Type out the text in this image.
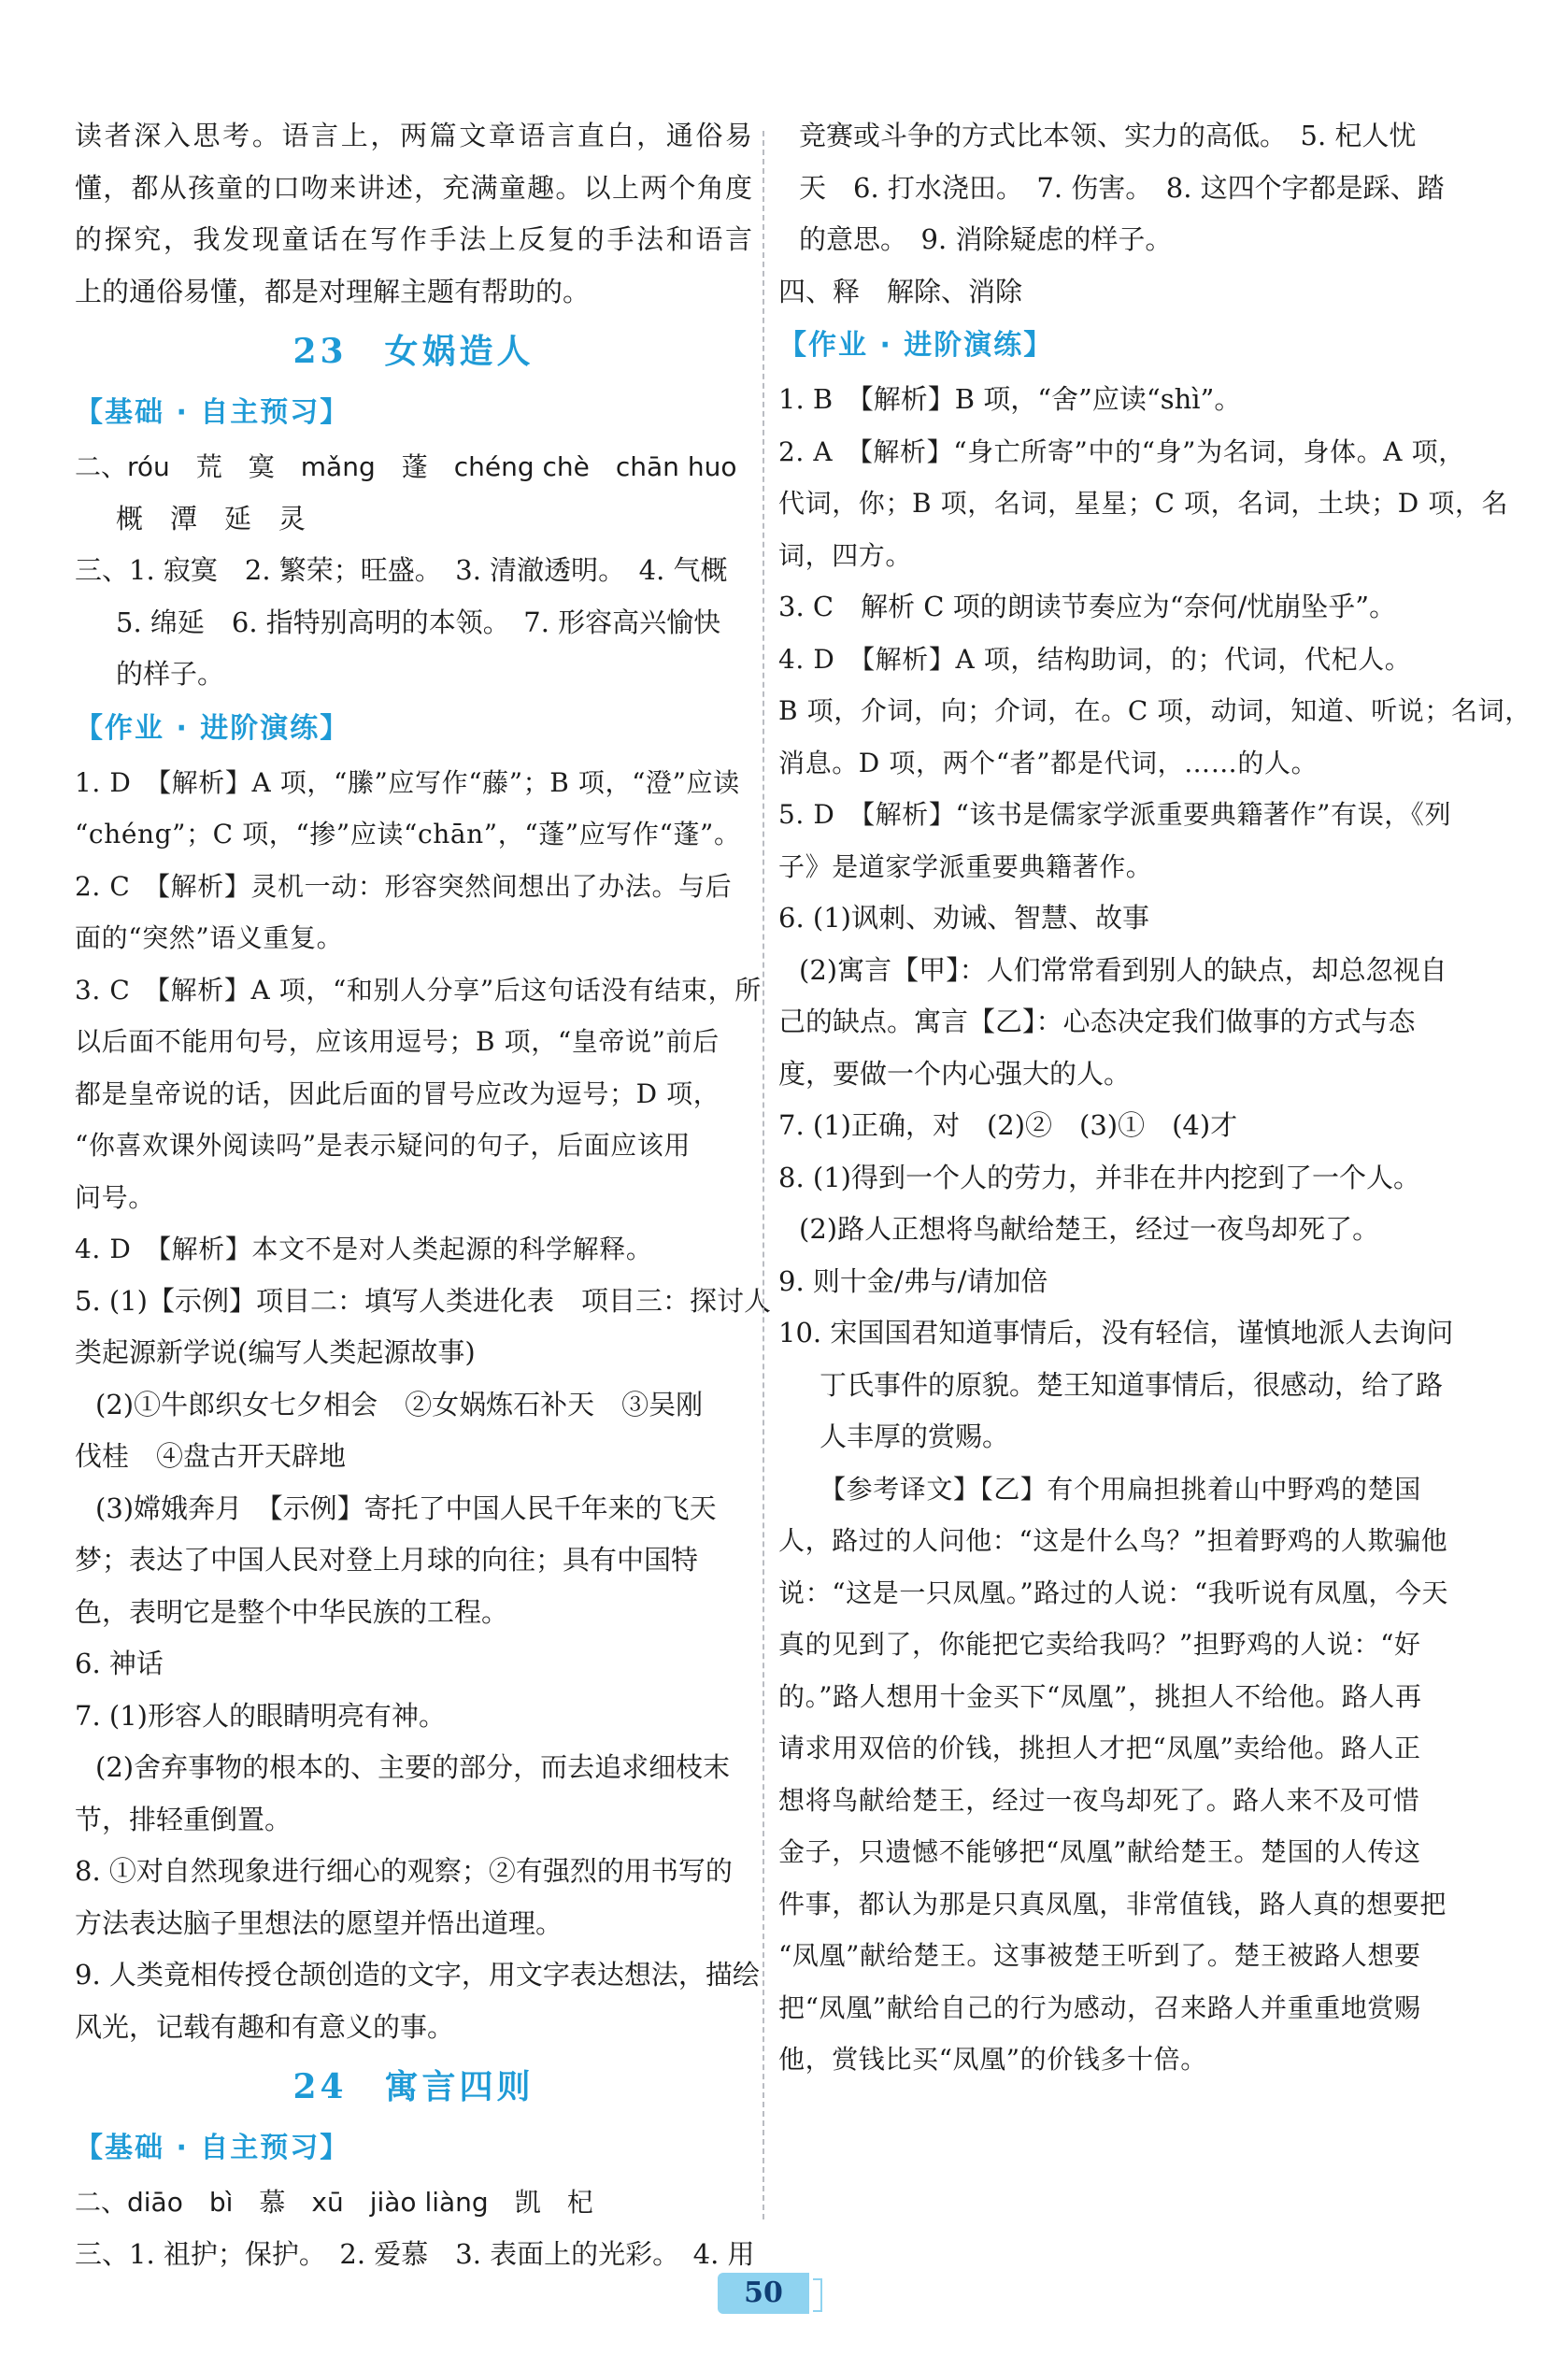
读者深入思考。语言上，两篇文章语言直白，通俗易

懂，都从孩童的口吻来讲述，充满童趣。以上两个角度

的探究，我发现童话在写作手法上反复的手法和语言

上的通俗易懂，都是对理解主题有帮助的。

23　女娲造人

【基础 · 自主预习】

二、róu　荒　寞　mǎng　蓬　chéng chè　chān huo

概　潭　延　灵

三、1. 寂寞　2. 繁荣；旺盛。　3. 清澈透明。　4. 气概

5. 绵延　6. 指特别高明的本领。　7. 形容高兴愉快

的样子。

【作业 · 进阶演练】

1. D　【解析】A 项，“縢”应写作“藤”；B 项，“澄”应读

“chéng”；C 项，“掺”应读“chān”，“蓬”应写作“蓬”。

2. C　【解析】灵机一动：形容突然间想出了办法。与后

面的“突然”语义重复。

3. C　【解析】A 项，“和别人分享”后这句话没有结束，所

以后面不能用句号，应该用逗号；B 项，“皇帝说”前后

都是皇帝说的话，因此后面的冒号应改为逗号；D 项，

“你喜欢课外阅读吗”是表示疑问的句子，后面应该用

问号。

4. D　【解析】本文不是对人类起源的科学解释。

5. (1)【示例】项目二：填写人类进化表　项目三：探讨人

类起源新学说(编写人类起源故事)

(2)①牛郎织女七夕相会　②女娲炼石补天　③吴刚

伐桂　④盘古开天辟地

(3)嫦娥奔月　【示例】寄托了中国人民千年来的飞天

梦；表达了中国人民对登上月球的向往；具有中国特

色，表明它是整个中华民族的工程。

6. 神话

7. (1)形容人的眼睛明亮有神。

(2)舍弃事物的根本的、主要的部分，而去追求细枝末

节，排轻重倒置。

8. ①对自然现象进行细心的观察；②有强烈的用书写的

方法表达脑子里想法的愿望并悟出道理。

9. 人类竟相传授仓颉创造的文字，用文字表达想法，描绘

风光，记载有趣和有意义的事。

24　寓言四则

【基础 · 自主预习】

二、diāo　bì　慕　xū　jiào liàng　凯　杞

三、1. 祖护；保护。　2. 爱慕　3. 表面上的光彩。　4. 用

竞赛或斗争的方式比本领、实力的高低。　5. 杞人忧

天　6. 打水浇田。　7. 伤害。　8. 这四个字都是踩、踏

的意思。　9. 消除疑虑的样子。

四、释　解除、消除

【作业 · 进阶演练】

1. B　【解析】B 项，“舍”应读“shì”。

2. A　【解析】“身亡所寄”中的“身”为名词，身体。A 项，

代词，你；B 项，名词，星星；C 项，名词，土块；D 项，名

词，四方。

3. C　解析 C 项的朗读节奏应为“奈何/忧崩坠乎”。

4. D　【解析】A 项，结构助词，的；代词，代杞人。

B 项，介词，向；介词，在。C 项，动词，知道、听说；名词，

消息。D 项，两个“者”都是代词，……的人。

5. D　【解析】“该书是儒家学派重要典籍著作”有误，《列

子》是道家学派重要典籍著作。

6. (1)讽刺、劝诫、智慧、故事

(2)寓言【甲】：人们常常看到别人的缺点，却总忽视自

己的缺点。寓言【乙】：心态决定我们做事的方式与态

度，要做一个内心强大的人。

7. (1)正确，对　(2)②　(3)①　(4)才

8. (1)得到一个人的劳力，并非在井内挖到了一个人。

(2)路人正想将鸟献给楚王，经过一夜鸟却死了。

9. 则十金/弗与/请加倍

10. 宋国国君知道事情后，没有轻信，谨慎地派人去询问

丁氏事件的原貌。楚王知道事情后，很感动，给了路

人丰厚的赏赐。

【参考译文】【乙】有个用扁担挑着山中野鸡的楚国

人，路过的人问他：“这是什么鸟？”担着野鸡的人欺骗他

说：“这是一只凤凰。”路过的人说：“我听说有凤凰，今天

真的见到了，你能把它卖给我吗？”担野鸡的人说：“好

的。”路人想用十金买下“凤凰”，挑担人不给他。路人再

请求用双倍的价钱，挑担人才把“凤凰”卖给他。路人正

想将鸟献给楚王，经过一夜鸟却死了。路人来不及可惜

金子，只遗憾不能够把“凤凰”献给楚王。楚国的人传这

件事，都认为那是只真凤凰，非常值钱，路人真的想要把

“凤凰”献给楚王。这事被楚王听到了。楚王被路人想要

把“凤凰”献给自己的行为感动，召来路人并重重地赏赐

他，赏钱比买“凤凰”的价钱多十倍。

50
